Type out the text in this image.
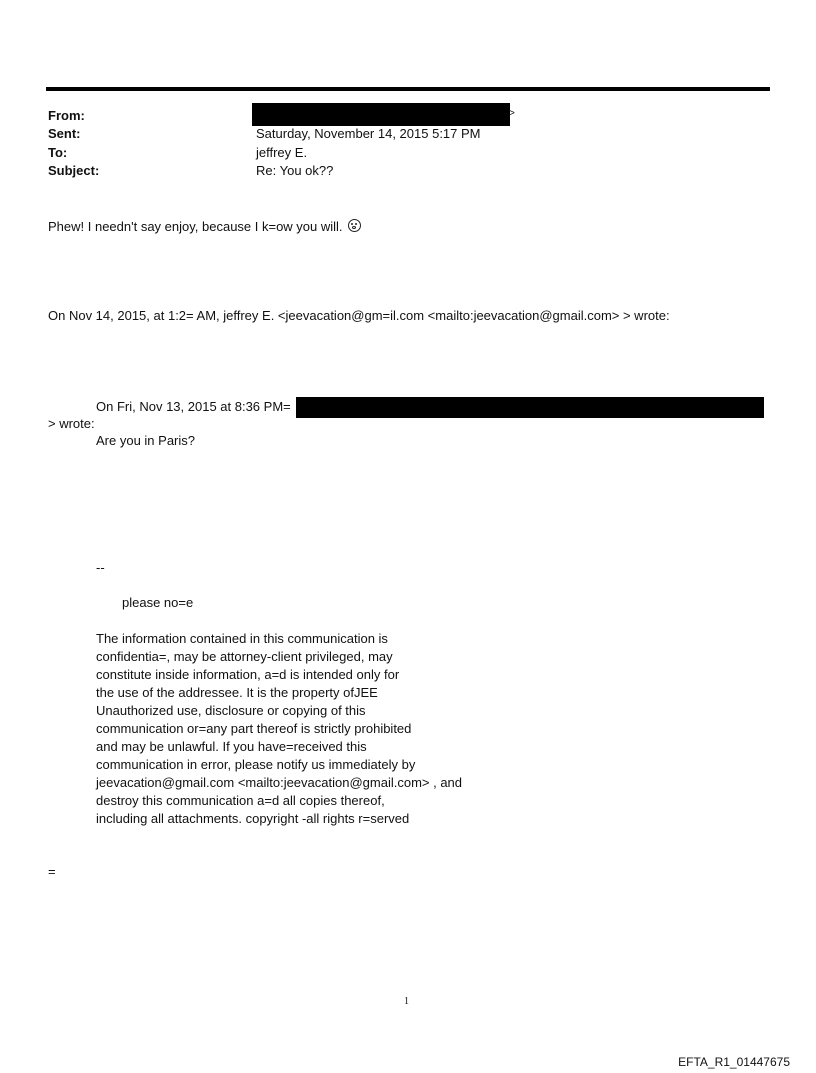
From:	>
Sent:	Saturday, November 14, 2015 5:17 PM
To:	jeffrey E.
Subject:	Re: You ok??
Phew! I needn't say enjoy, because I k=ow you will.
On Nov 14, 2015, at 1:2= AM, jeffrey E. <jeevacation@gm=il.com <mailto:jeevacation@gmail.com> > wrote:
On Fri, Nov 13, 2015 at 8:36 PM=
> wrote:
Are you in Paris?
--
please no=e
The information contained in this communication is
confidentia=, may be attorney-client privileged, may
constitute inside information, a=d is intended only for
the use of the addressee. It is the property ofJEE
Unauthorized use, disclosure or copying of this
communication or=any part thereof is strictly prohibited
and may be unlawful. If you have=received this
communication in error, please notify us immediately by
jeevacation@gmail.com <mailto:jeevacation@gmail.com> , and
destroy this communication a=d all copies thereof,
including all attachments. copyright -all rights r=served
=
1
EFTA_R1_01447675
